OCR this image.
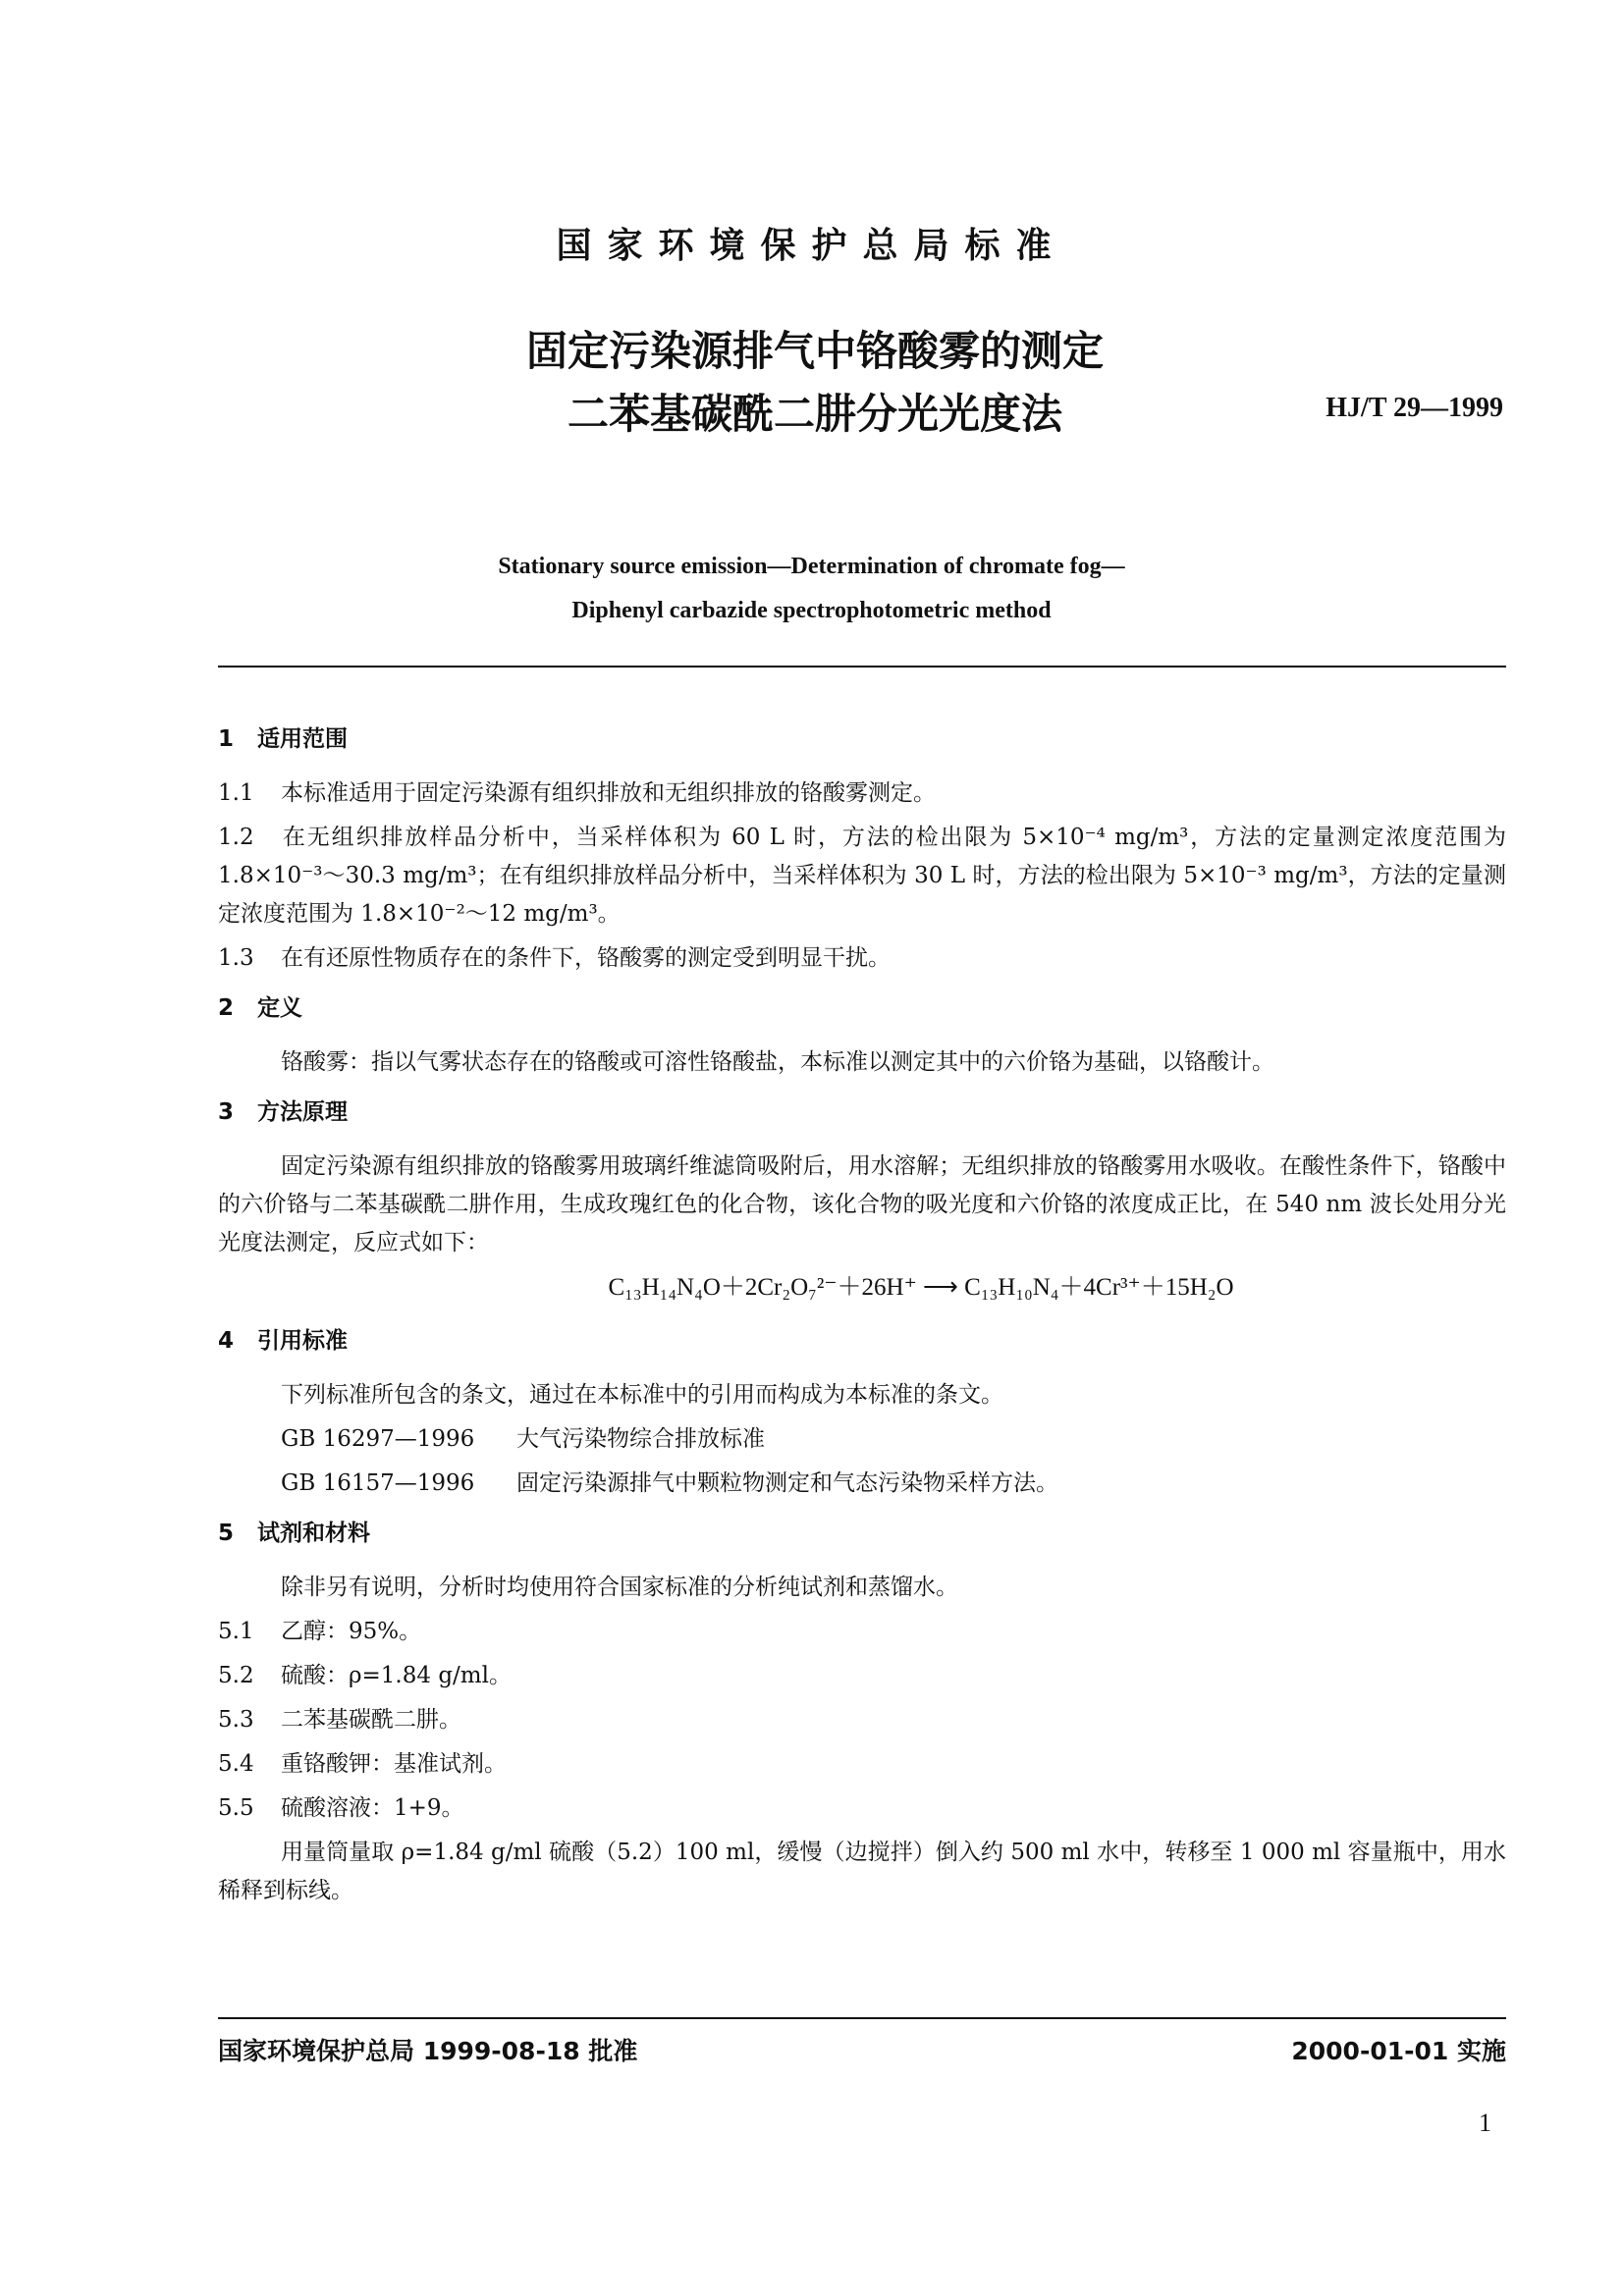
国家环境保护总局标准
固定污染源排气中铬酸雾的测定
二苯基碳酰二肼分光光度法	HJ/T 29—1999
Stationary source emission—Determination of chromate fog—
Diphenyl carbazide spectrophotometric method
1 适用范围
1.1 本标准适用于固定污染源有组织排放和无组织排放的铬酸雾测定。
1.2 在无组织排放样品分析中，当采样体积为 60 L 时，方法的检出限为 5×10⁻⁴ mg/m³，方法的定量测定浓度范围为 1.8×10⁻³～30.3 mg/m³；在有组织排放样品分析中，当采样体积为 30 L 时，方法的检出限为 5×10⁻³ mg/m³，方法的定量测定浓度范围为 1.8×10⁻²～12 mg/m³。
1.3 在有还原性物质存在的条件下，铬酸雾的测定受到明显干扰。
2 定义
铬酸雾：指以气雾状态存在的铬酸或可溶性铬酸盐，本标准以测定其中的六价铬为基础，以铬酸计。
3 方法原理
固定污染源有组织排放的铬酸雾用玻璃纤维滤筒吸附后，用水溶解；无组织排放的铬酸雾用水吸收。在酸性条件下，铬酸中的六价铬与二苯基碳酰二肼作用，生成玫瑰红色的化合物，该化合物的吸光度和六价铬的浓度成正比，在 540 nm 波长处用分光光度法测定，反应式如下：
C₁₃H₁₄N₄O＋2Cr₂O₇²⁻＋26H⁺ ⟶ C₁₃H₁₀N₄＋4Cr³⁺＋15H₂O
4 引用标准
下列标准所包含的条文，通过在本标准中的引用而构成为本标准的条文。
GB 16297—1996 大气污染物综合排放标准
GB 16157—1996 固定污染源排气中颗粒物测定和气态污染物采样方法。
5 试剂和材料
除非另有说明，分析时均使用符合国家标准的分析纯试剂和蒸馏水。
5.1 乙醇：95%。
5.2 硫酸：ρ=1.84 g/ml。
5.3 二苯基碳酰二肼。
5.4 重铬酸钾：基准试剂。
5.5 硫酸溶液：1+9。
用量筒量取 ρ=1.84 g/ml 硫酸（5.2）100 ml，缓慢（边搅拌）倒入约 500 ml 水中，转移至 1 000 ml 容量瓶中，用水稀释到标线。
国家环境保护总局 1999-08-18 批准	2000-01-01 实施
1
